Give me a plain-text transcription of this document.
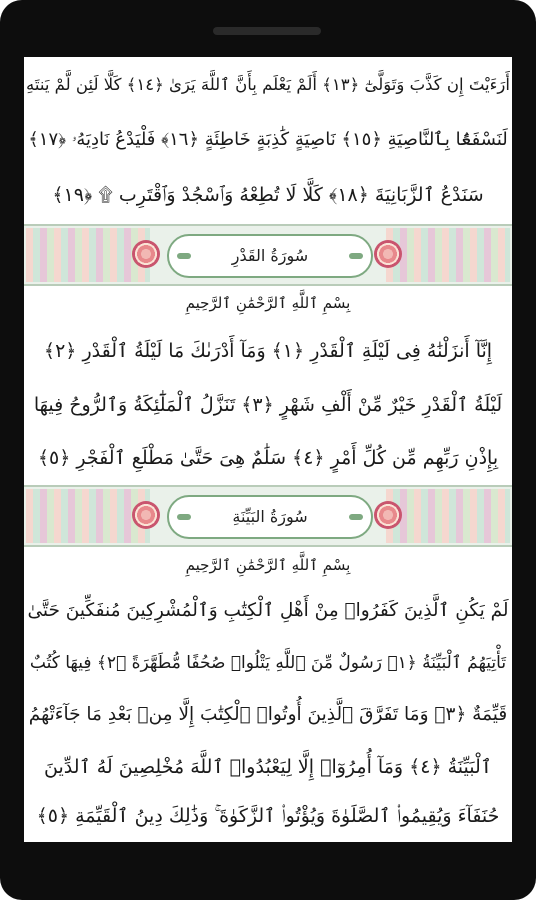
أَرَءَيْتَ إِن كَذَّبَ وَتَوَلَّىٰٓ ﴿١٣﴾ أَلَمْ يَعْلَم بِأَنَّ ٱللَّهَ يَرَىٰ ﴿١٤﴾ كَلَّا لَئِن لَّمْ يَنتَهِ
لَنَسْفَعًۢا بِٱلنَّاصِيَةِ ﴿١٥﴾ نَاصِيَةٍ كَٰذِبَةٍ خَاطِئَةٍ ﴿١٦﴾ فَلْيَدْعُ نَادِيَهُۥ ﴿١٧﴾
سَنَدْعُ ٱلزَّبَانِيَةَ ﴿١٨﴾ كَلَّا لَا تُطِعْهُ وَٱسْجُدْ وَٱقْتَرِب ۩ ﴿١٩﴾
سُورَةُ القَدْرِ
بِسْمِ ٱللَّهِ ٱلرَّحْمَٰنِ ٱلرَّحِيمِ
إِنَّآ أَنزَلْنَٰهُ فِى لَيْلَةِ ٱلْقَدْرِ ﴿١﴾ وَمَآ أَدْرَىٰكَ مَا لَيْلَةُ ٱلْقَدْرِ ﴿٢﴾
لَيْلَةُ ٱلْقَدْرِ خَيْرٌ مِّنْ أَلْفِ شَهْرٍ ﴿٣﴾ تَنَزَّلُ ٱلْمَلَٰٓئِكَةُ وَٱلرُّوحُ فِيهَا
بِإِذْنِ رَبِّهِم مِّن كُلِّ أَمْرٍ ﴿٤﴾ سَلَٰمٌ هِىَ حَتَّىٰ مَطْلَعِ ٱلْفَجْرِ ﴿٥﴾
سُورَةُ البَيِّنَةِ
بِسْمِ ٱللَّهِ ٱلرَّحْمَٰنِ ٱلرَّحِيمِ
لَمْ يَكُنِ ٱلَّذِينَ كَفَرُوا۟ مِنْ أَهْلِ ٱلْكِتَٰبِ وَٱلْمُشْرِكِينَ مُنفَكِّينَ حَتَّىٰ
تَأْتِيَهُمُ ٱلْبَيِّنَةُ ﴿١﴾ رَسُولٌ مِّنَ ٱللَّهِ يَتْلُوا۟ صُحُفًا مُّطَهَّرَةً ﴿٢﴾ فِيهَا كُتُبٌ
قَيِّمَةٌ ﴿٣﴾ وَمَا تَفَرَّقَ ٱلَّذِينَ أُوتُوا۟ ٱلْكِتَٰبَ إِلَّا مِنۢ بَعْدِ مَا جَآءَتْهُمُ
ٱلْبَيِّنَةُ ﴿٤﴾ وَمَآ أُمِرُوٓا۟ إِلَّا لِيَعْبُدُوا۟ ٱللَّهَ مُخْلِصِينَ لَهُ ٱلدِّينَ
حُنَفَآءَ وَيُقِيمُوا۟ ٱلصَّلَوٰةَ وَيُؤْتُوا۟ ٱلزَّكَوٰةَ ۚ وَذَٰلِكَ دِينُ ٱلْقَيِّمَةِ ﴿٥﴾
